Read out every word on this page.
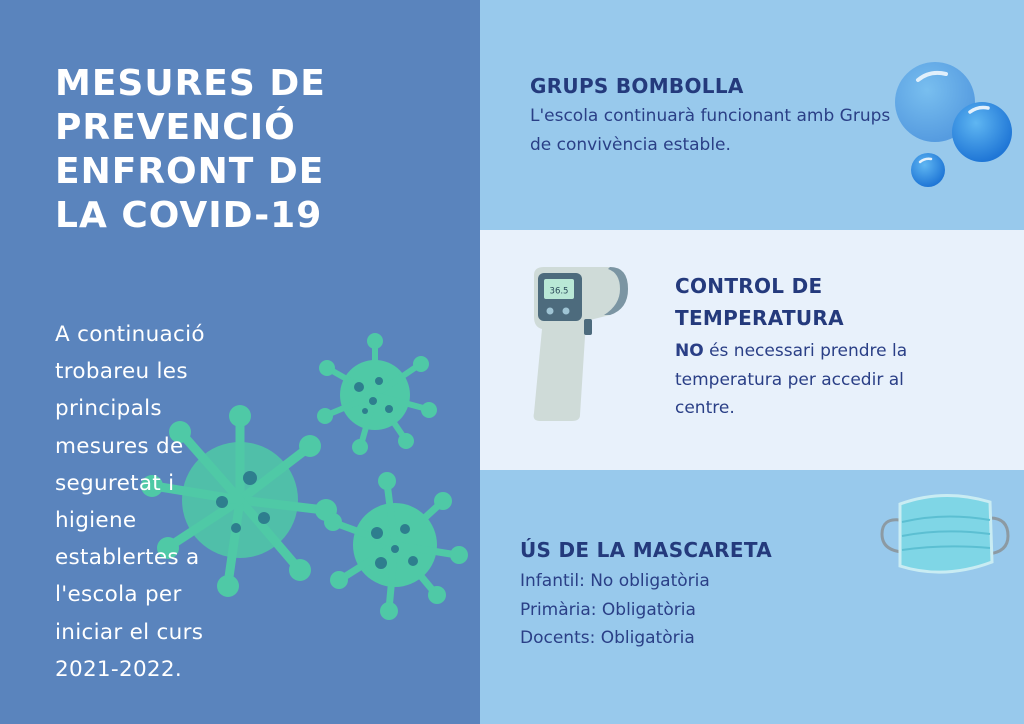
MESURES DE
PREVENCIÓ
ENFRONT DE
LA COVID-19
A continuació
trobareu les
principals
mesures de
seguretat i
higiene
establertes a
l'escola per
iniciar el curs
2021-2022.
GRUPS BOMBOLLA
L'escola continuarà funcionant amb Grups
de convivència estable.
36.5	CONTROL DE
TEMPERATURA
NO és necessari prendre la
temperatura per accedir al
centre.
ÚS DE LA MASCARETA
Infantil: No obligatòria
Primària: Obligatòria
Docents: Obligatòria
